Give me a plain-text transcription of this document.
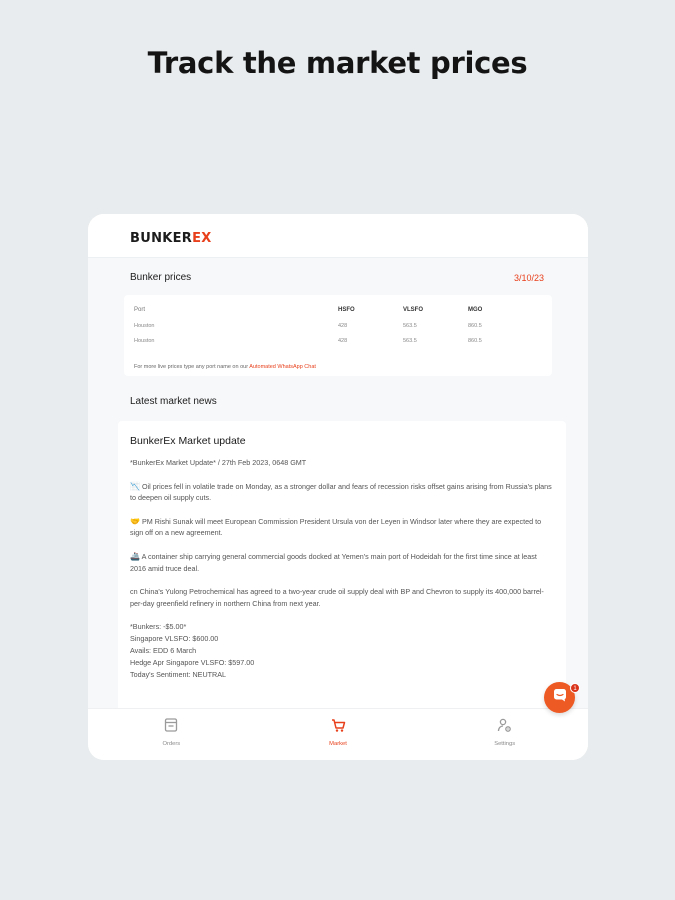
Track the market prices
BUNKEREX
Bunker prices	3/10/23
Port	HSFO	VLSFO	MGO
Houston	428	563.5	860.5
Houston	428	563.5	860.5
For more live prices type any port name on our Automated WhatsApp Chat
Latest market news
BunkerEx Market update
*BunkerEx Market Update* / 27th Feb 2023, 0648 GMT
📉 Oil prices fell in volatile trade on Monday, as a stronger dollar and fears of recession risks offset gains arising from Russia's plans to deepen oil supply cuts.
🤝 PM Rishi Sunak will meet European Commission President Ursula von der Leyen in Windsor later where they are expected to sign off on a new agreement.
🚢 A container ship carrying general commercial goods docked at Yemen's main port of Hodeidah for the first time since at least 2016 amid truce deal.
cn China's Yulong Petrochemical has agreed to a two-year crude oil supply deal with BP and Chevron to supply its 400,000 barrel-per-day greenfield refinery in northern China from next year.
*Bunkers: -$5.00*
Singapore VLSFO: $600.00
Avails: EDD 6 March
Hedge Apr Singapore VLSFO: $597.00
Today's Sentiment: NEUTRAL
Orders	Market	Settings
1
